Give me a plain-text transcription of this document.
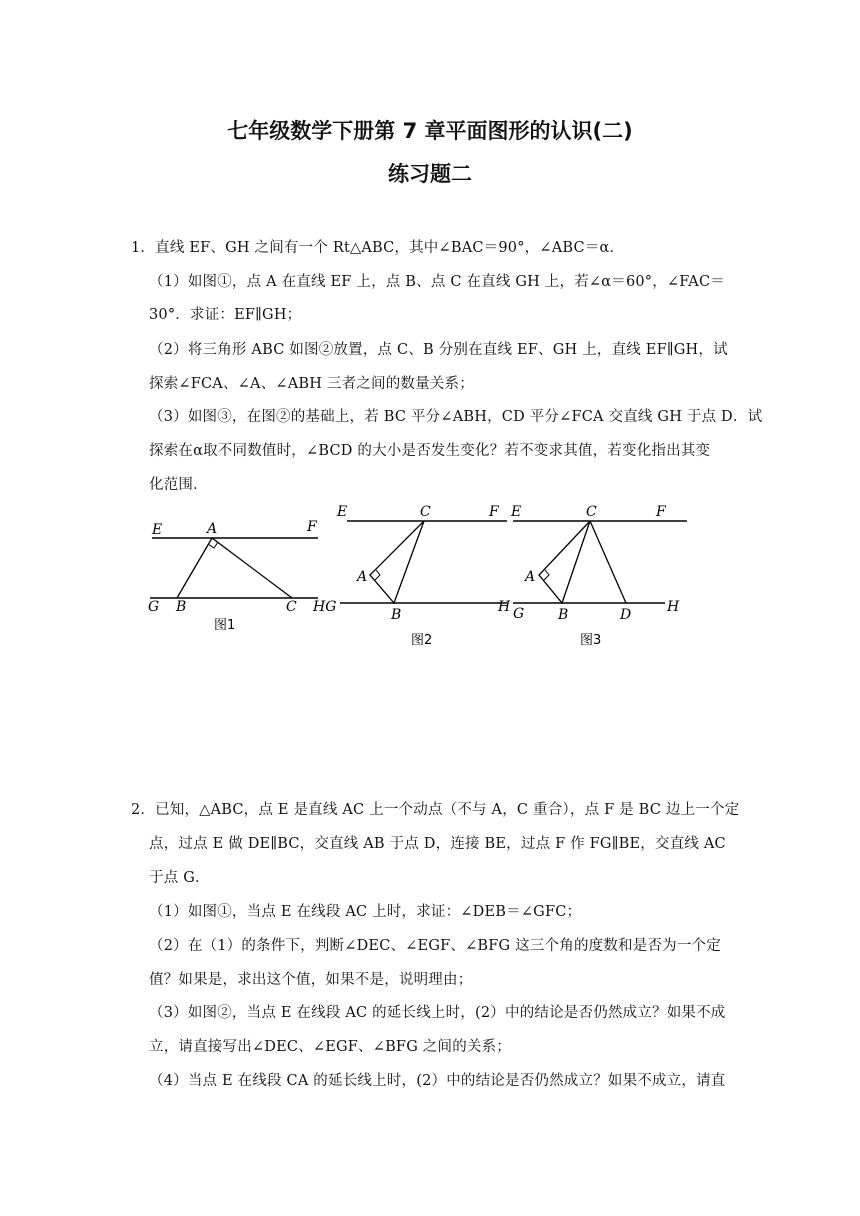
七年级数学下册第 7 章平面图形的认识(二)
练习题二
1．直线 EF、GH 之间有一个 Rt△ABC，其中∠BAC＝90°，∠ABC＝α．
（1）如图①，点 A 在直线 EF 上，点 B、点 C 在直线 GH 上，若∠α＝60°，∠FAC＝
30°．求证：EF∥GH；
（2）将三角形 ABC 如图②放置，点 C、B 分别在直线 EF、GH 上，直线 EF∥GH，试
探索∠FCA、∠A、∠ABH 三者之间的数量关系；
（3）如图③，在图②的基础上，若 BC 平分∠ABH，CD 平分∠FCA 交直线 GH 于点 D．试
探索在α取不同数值时，∠BCD 的大小是否发生变化？若不变求其值，若变化指出其变
化范围．
E	A	F
G B	C
图1
E	C	F
A
HG	B	H
图2
E	C	F
A
G B	D	H
图3
2．已知，△ABC，点 E 是直线 AC 上一个动点（不与 A，C 重合），点 F 是 BC 边上一个定
点，过点 E 做 DE∥BC，交直线 AB 于点 D，连接 BE，过点 F 作 FG∥BE，交直线 AC
于点 G．
（1）如图①，当点 E 在线段 AC 上时，求证：∠DEB＝∠GFC；
（2）在（1）的条件下，判断∠DEC、∠EGF、∠BFG 这三个角的度数和是否为一个定
值？如果是，求出这个值，如果不是，说明理由；
（3）如图②，当点 E 在线段 AC 的延长线上时，(2）中的结论是否仍然成立？如果不成
立，请直接写出∠DEC、∠EGF、∠BFG 之间的关系；
（4）当点 E 在线段 CA 的延长线上时，(2）中的结论是否仍然成立？如果不成立，请直
